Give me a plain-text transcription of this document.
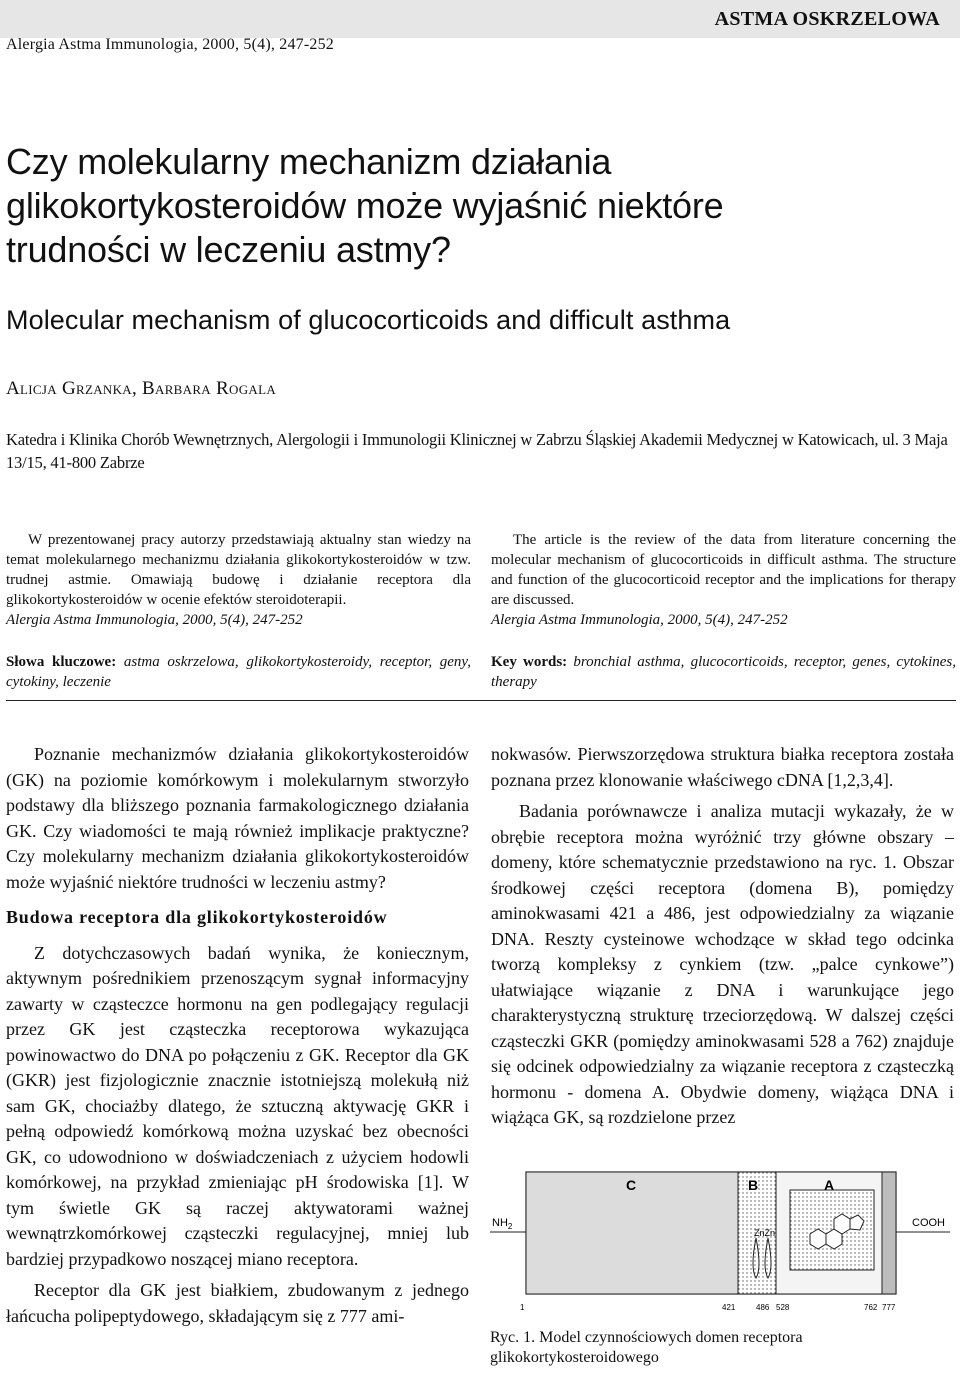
ASTMA OSKRZELOWA
Alergia Astma Immunologia, 2000, 5(4), 247-252
Czy molekularny mechanizm działania
glikokortykosteroidów może wyjaśnić niektóre
trudności w leczeniu astmy?
Molecular mechanism of glucocorticoids and difficult asthma
Alicja Grzanka, Barbara Rogala
Katedra i Klinika Chorób Wewnętrznych, Alergologii i Immunologii Klinicznej w Zabrzu Śląskiej Akademii Medycznej w Katowicach, ul. 3 Maja 13/15, 41-800 Zabrze

W prezentowanej pracy autorzy przedstawiają aktualny stan wiedzy na temat molekularnego mechanizmu działania glikokortykosteroidów w tzw. trudnej astmie. Omawiają budowę i działanie receptora dla glikokortykosteroidów w ocenie efektów steroidoterapii.

Alergia Astma Immunologia, 2000, 5(4), 247-252

Słowa kluczowe: astma oskrzelowa, glikokortykosteroidy, receptor, geny, cytokiny, leczenie

The article is the review of the data from literature concerning the molecular mechanism of glucocorticoids in difficult asthma. The structure and function of the glucocorticoid receptor and the implications for therapy are discussed.

Alergia Astma Immunologia, 2000, 5(4), 247-252

Key words: bronchial asthma, glucocorticoids, receptor, genes, cytokines, therapy

Poznanie mechanizmów działania glikokortykosteroidów (GK) na poziomie komórkowym i molekularnym stworzyło podstawy dla bliższego poznania farmakologicznego działania GK. Czy wiadomości te mają również implikacje praktyczne? Czy molekularny mechanizm działania glikokortykosteroidów może wyjaśnić niektóre trudności w leczeniu astmy?

Budowa receptora dla glikokortykosteroidów

Z dotychczasowych badań wynika, że koniecznym, aktywnym pośrednikiem przenoszącym sygnał informacyjny zawarty w cząsteczce hormonu na gen podlegający regulacji przez GK jest cząsteczka receptorowa wykazująca powinowactwo do DNA po połączeniu z GK. Receptor dla GK (GKR) jest fizjologicznie znacznie istotniejszą molekułą niż sam GK, chociażby dlatego, że sztuczną aktywację GKR i pełną odpowiedź komórkową można uzyskać bez obecności GK, co udowodniono w doświadczeniach z użyciem hodowli komórkowej, na przykład zmieniając pH środowiska [1]. W tym świetle GK są raczej aktywatorami ważnej wewnątrzkomórkowej cząsteczki regulacyjnej, mniej lub bardziej przypadkowo noszącej miano receptora.

Receptor dla GK jest białkiem, zbudowanym z jednego łańcucha polipeptydowego, składającym się z 777 ami-

nokwasów. Pierwszorzędowa struktura białka receptora została poznana przez klonowanie właściwego cDNA [1,2,3,4].

Badania porównawcze i analiza mutacji wykazały, że w obrębie receptora można wyróżnić trzy główne obszary – domeny, które schematycznie przedstawiono na ryc. 1. Obszar środkowej części receptora (domena B), pomiędzy aminokwasami 421 a 486, jest odpowiedzialny za wiązanie DNA. Reszty cysteinowe wchodzące w skład tego odcinka tworzą kompleksy z cynkiem (tzw. „palce cynkowe”) ułatwiające wiązanie z DNA i warunkujące jego charakterystyczną strukturę trzeciorzędową. W dalszej części cząsteczki GKR (pomiędzy aminokwasami 528 a 762) znajduje się odcinek odpowiedzialny za wiązanie receptora z cząsteczką hormonu - domena A. Obydwie domeny, wiążąca DNA i wiążąca GK, są rozdzielone przez

C	B	A
$NH_2$	COOH
ZnZn
1	421	486 528	762 777
Ryc. 1. Model czynnościowych domen receptora glikokortykosteroidowego
